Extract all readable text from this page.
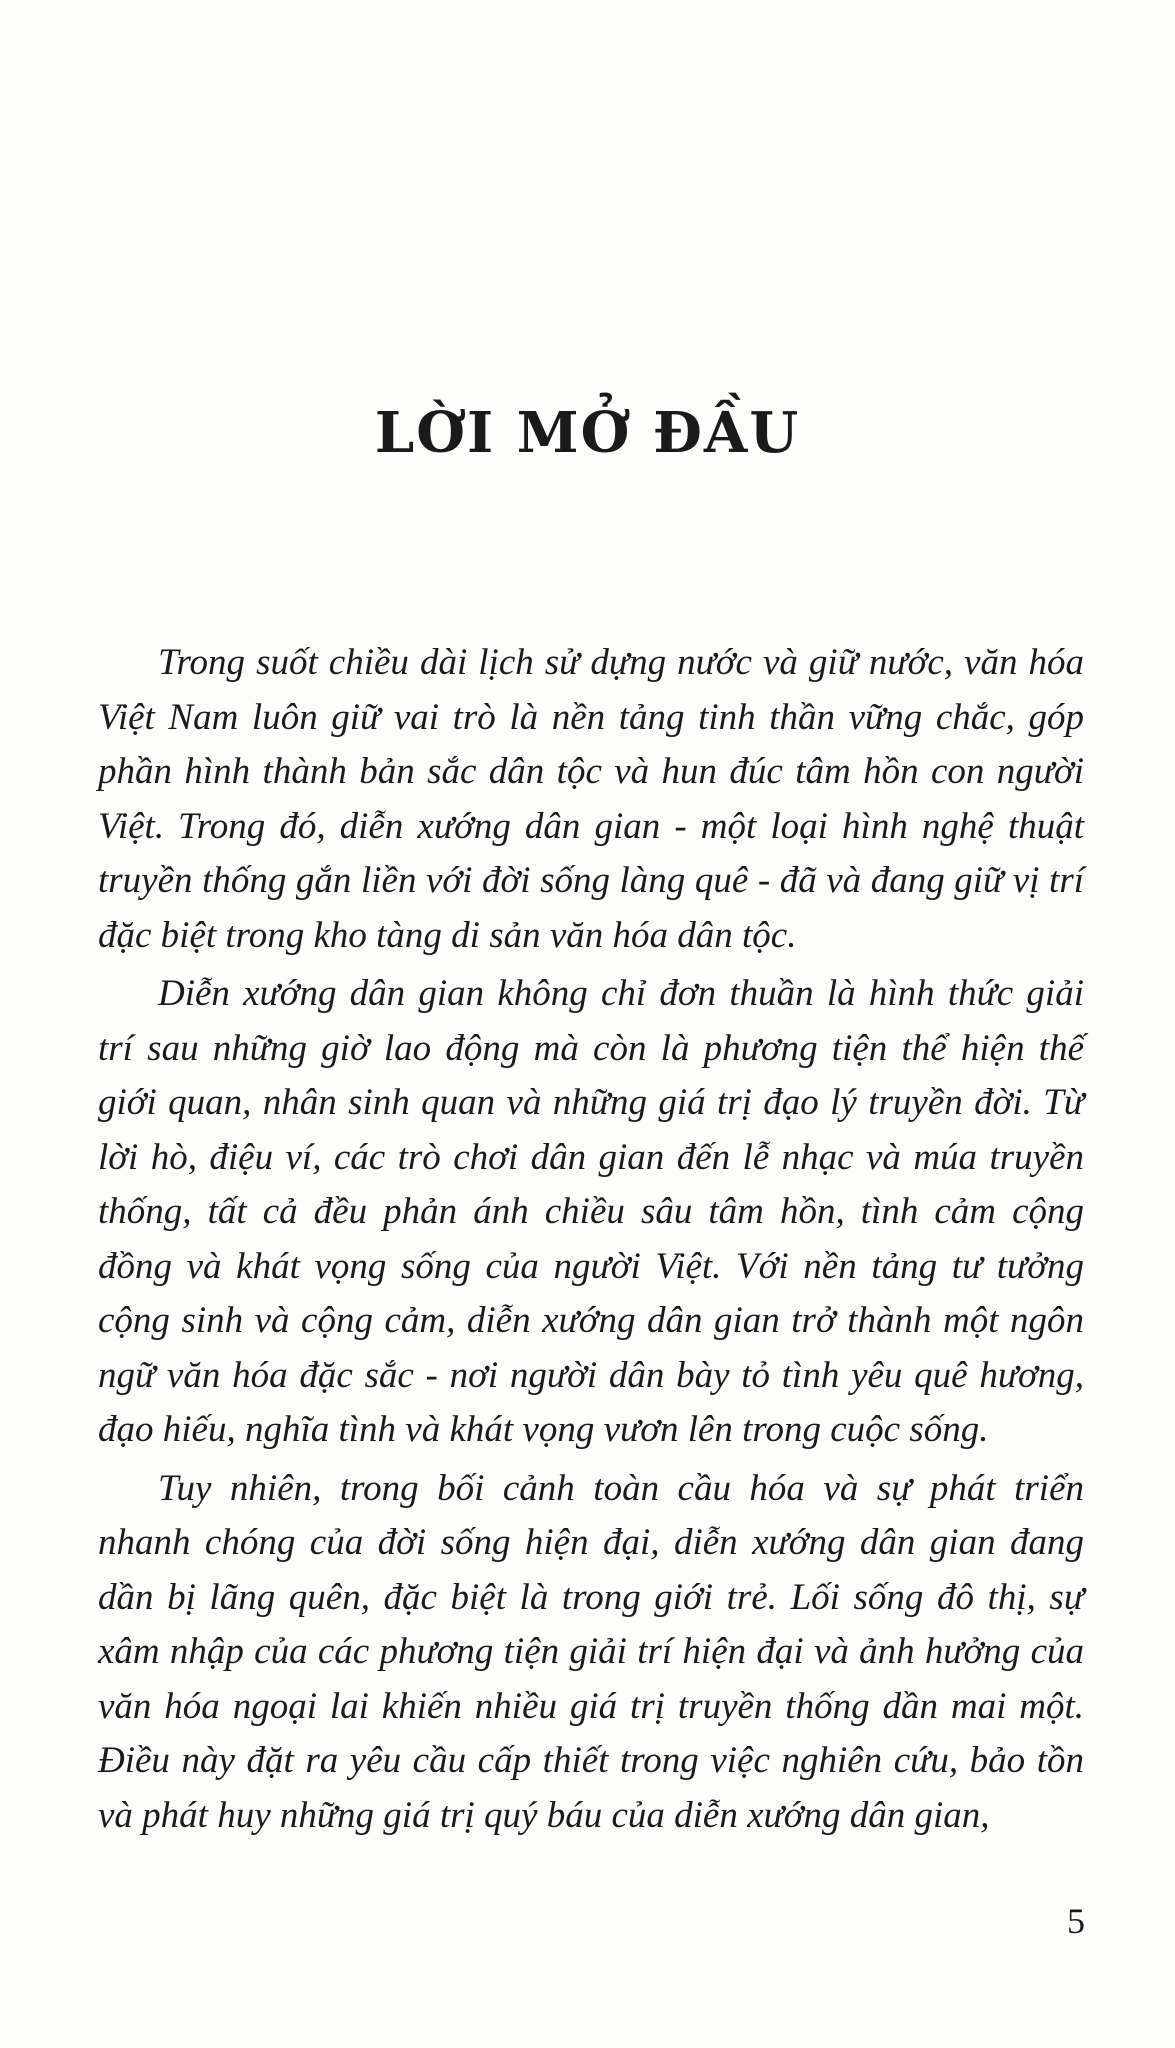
LỜI MỞ ĐẦU

Trong suốt chiều dài lịch sử dựng nước và giữ nước, văn hóa Việt Nam luôn giữ vai trò là nền tảng tinh thần vững chắc, góp phần hình thành bản sắc dân tộc và hun đúc tâm hồn con người Việt. Trong đó, diễn xướng dân gian - một loại hình nghệ thuật truyền thống gắn liền với đời sống làng quê - đã và đang giữ vị trí đặc biệt trong kho tàng di sản văn hóa dân tộc.

Diễn xướng dân gian không chỉ đơn thuần là hình thức giải trí sau những giờ lao động mà còn là phương tiện thể hiện thế giới quan, nhân sinh quan và những giá trị đạo lý truyền đời. Từ lời hò, điệu ví, các trò chơi dân gian đến lễ nhạc và múa truyền thống, tất cả đều phản ánh chiều sâu tâm hồn, tình cảm cộng đồng và khát vọng sống của người Việt. Với nền tảng tư tưởng cộng sinh và cộng cảm, diễn xướng dân gian trở thành một ngôn ngữ văn hóa đặc sắc - nơi người dân bày tỏ tình yêu quê hương, đạo hiếu, nghĩa tình và khát vọng vươn lên trong cuộc sống.

Tuy nhiên, trong bối cảnh toàn cầu hóa và sự phát triển nhanh chóng của đời sống hiện đại, diễn xướng dân gian đang dần bị lãng quên, đặc biệt là trong giới trẻ. Lối sống đô thị, sự xâm nhập của các phương tiện giải trí hiện đại và ảnh hưởng của văn hóa ngoại lai khiến nhiều giá trị truyền thống dần mai một. Điều này đặt ra yêu cầu cấp thiết trong việc nghiên cứu, bảo tồn và phát huy những giá trị quý báu của diễn xướng dân gian,

5
